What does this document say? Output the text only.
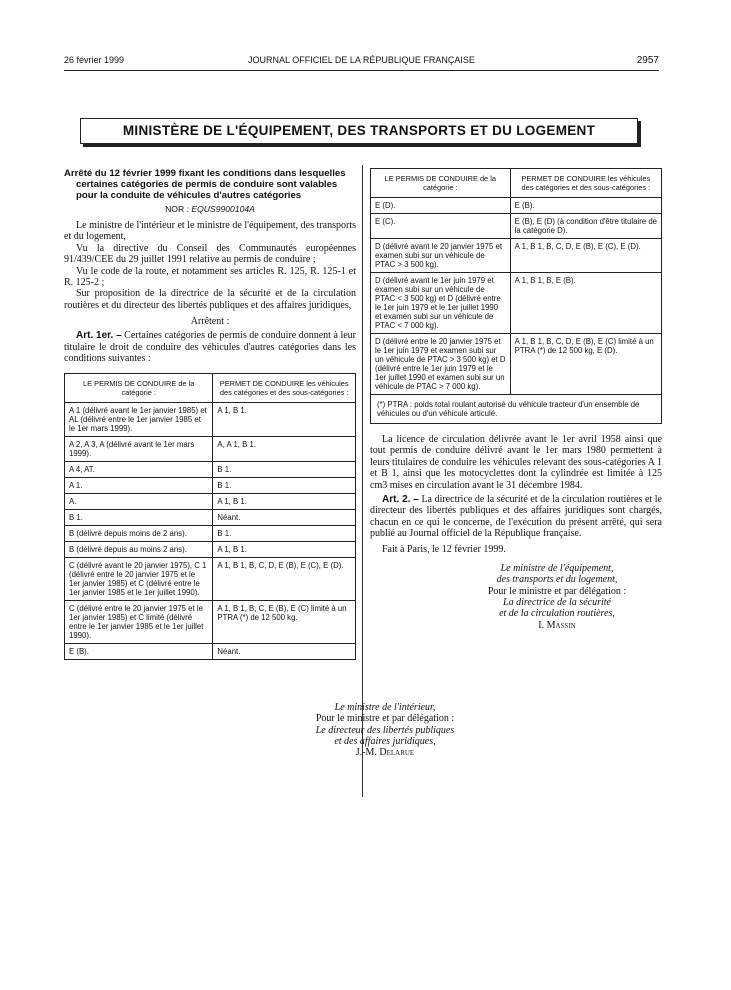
26 février 1999	JOURNAL OFFICIEL DE LA RÉPUBLIQUE FRANÇAISE	2957
MINISTÈRE DE L'ÉQUIPEMENT, DES TRANSPORTS ET DU LOGEMENT
Arrêté du 12 février 1999 fixant les conditions dans lesquelles certaines catégories de permis de conduire sont valables pour la conduite de véhicules d'autres catégories
NOR : EQUS9900104A

Le ministre de l'intérieur et le ministre de l'équipement, des transports et du logement,

Vu la directive du Conseil des Communautés européennes 91/439/CEE du 29 juillet 1991 relative au permis de conduire ;

Vu le code de la route, et notamment ses articles R. 125, R. 125-1 et R. 125-2 ;

Sur proposition de la directrice de la sécurité et de la circulation routières et du directeur des libertés publiques et des affaires juridiques,

Arrêtent :

Art. 1er. – Certaines catégories de permis de conduire donnent à leur titulaire le droit de conduire des véhicules d'autres catégories dans les conditions suivantes :

LE PERMIS DE CONDUIRE de la catégorie :	PERMET DE CONDUIRE les véhicules des catégories et des sous-catégories :
A 1 (délivré avant le 1er janvier 1985) et AL (délivré entre le 1er janvier 1985 et le 1er mars 1999).	A 1, B 1.
A 2, A 3, A (délivré avant le 1er mars 1999).	A, A 1, B 1.
A 4, AT.	B 1.
A 1.	B 1.
A.	A 1, B 1.
B 1.	Néant.
B (délivré depuis moins de 2 ans).	B 1.
B (délivré depuis au moins 2 ans).	A 1, B 1.
C (délivré avant le 20 janvier 1975), C 1 (délivré entre le 20 janvier 1975 et le 1er janvier 1985) et C (délivré entre le 1er janvier 1985 et le 1er juillet 1990).	A 1, B 1, B, C, D, E (B), E (C), E (D).
C (délivré entre le 20 janvier 1975 et le 1er janvier 1985) et C limité (délivré entre le 1er janvier 1985 et le 1er juillet 1990).	A 1, B 1, B, C, E (B), E (C) limité à un PTRA (*) de 12 500 kg.
E (B).	Néant.
LE PERMIS DE CONDUIRE de la catégorie :	PERMET DE CONDUIRE les véhicules des catégories et des sous-catégories :
E (D).	E (B).
E (C).	E (B), E (D) (à condition d'être titulaire de la catégorie D).
D (délivré avant le 20 janvier 1975 et examen subi sur un véhicule de PTAC > 3 500 kg).	A 1, B 1, B, C, D, E (B), E (C), E (D).
D (délivré avant le 1er juin 1979 et examen subi sur un véhicule de PTAC < 3 500 kg) et D (délivré entre le 1er juin 1979 et le 1er juillet 1990 et examen subi sur un véhicule de PTAC < 7 000 kg).	A 1, B 1, B, E (B).
D (délivré entre le 20 janvier 1975 et le 1er juin 1979 et examen subi sur un véhicule de PTAC > 3 500 kg) et D (délivré entre le 1er juin 1979 et le 1er juillet 1990 et examen subi sur un véhicule de PTAC > 7 000 kg).	A 1, B 1, B, C, D, E (B), E (C) limité à un PTRA (*) de 12 500 kg, E (D).
(*) PTRA : poids total roulant autorisé du véhicule tracteur d'un ensemble de véhicules ou d'un véhicule articulé.

La licence de circulation délivrée avant le 1er avril 1958 ainsi que tout permis de conduire délivré avant le 1er mars 1980 permettent à leurs titulaires de conduire les véhicules relevant des sous-catégories A 1 et B 1, ainsi que les motocyclettes dont la cylindrée est limitée à 125 cm3 mises en circulation avant le 31 décembre 1984.

Art. 2. – La directrice de la sécurité et de la circulation routières et le directeur des libertés publiques et des affaires juridiques sont chargés, chacun en ce qui le concerne, de l'exécution du présent arrêté, qui sera publié au Journal officiel de la République française.

Fait à Paris, le 12 février 1999.

Le ministre de l'équipement,
des transports et du logement,
Pour le ministre et par délégation :
La directrice de la sécurité
et de la circulation routières,
I. Massin
Le ministre de l'intérieur,
Pour le ministre et par délégation :
Le directeur des libertés publiques
et des affaires juridiques,
J.-M. Delarue
